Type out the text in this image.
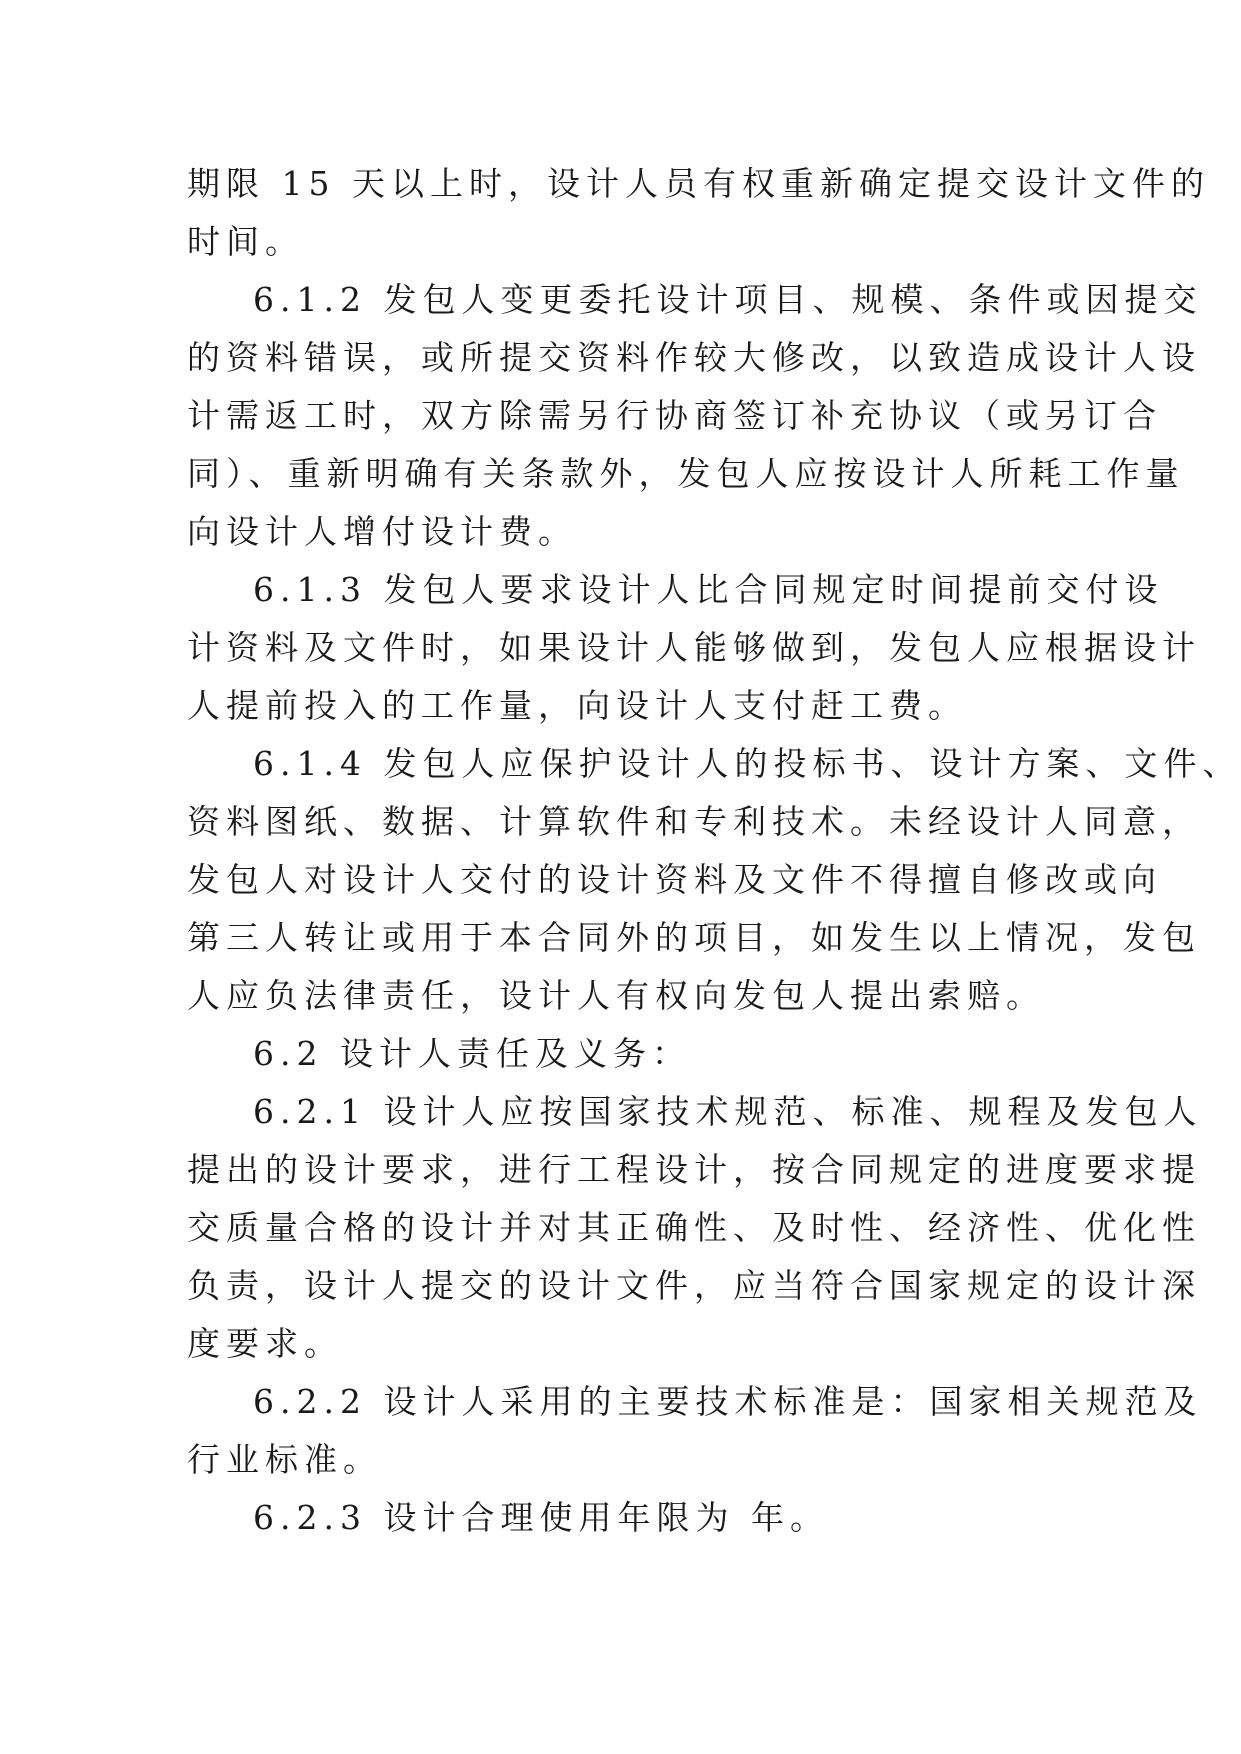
期限 15 天以上时，设计人员有权重新确定提交设计文件的
时间。

6.1.2 发包人变更委托设计项目、规模、条件或因提交
的资料错误，或所提交资料作较大修改，以致造成设计人设
计需返工时，双方除需另行协商签订补充协议（或另订合
同）、重新明确有关条款外，发包人应按设计人所耗工作量
向设计人增付设计费。

6.1.3 发包人要求设计人比合同规定时间提前交付设
计资料及文件时，如果设计人能够做到，发包人应根据设计
人提前投入的工作量，向设计人支付赶工费。

6.1.4 发包人应保护设计人的投标书、设计方案、文件、
资料图纸、数据、计算软件和专利技术。未经设计人同意，
发包人对设计人交付的设计资料及文件不得擅自修改或向
第三人转让或用于本合同外的项目，如发生以上情况，发包
人应负法律责任，设计人有权向发包人提出索赔。

6.2 设计人责任及义务：

6.2.1 设计人应按国家技术规范、标准、规程及发包人
提出的设计要求，进行工程设计，按合同规定的进度要求提
交质量合格的设计并对其正确性、及时性、经济性、优化性
负责，设计人提交的设计文件，应当符合国家规定的设计深
度要求。

6.2.2 设计人采用的主要技术标准是：国家相关规范及
行业标准。

6.2.3 设计合理使用年限为 年。
